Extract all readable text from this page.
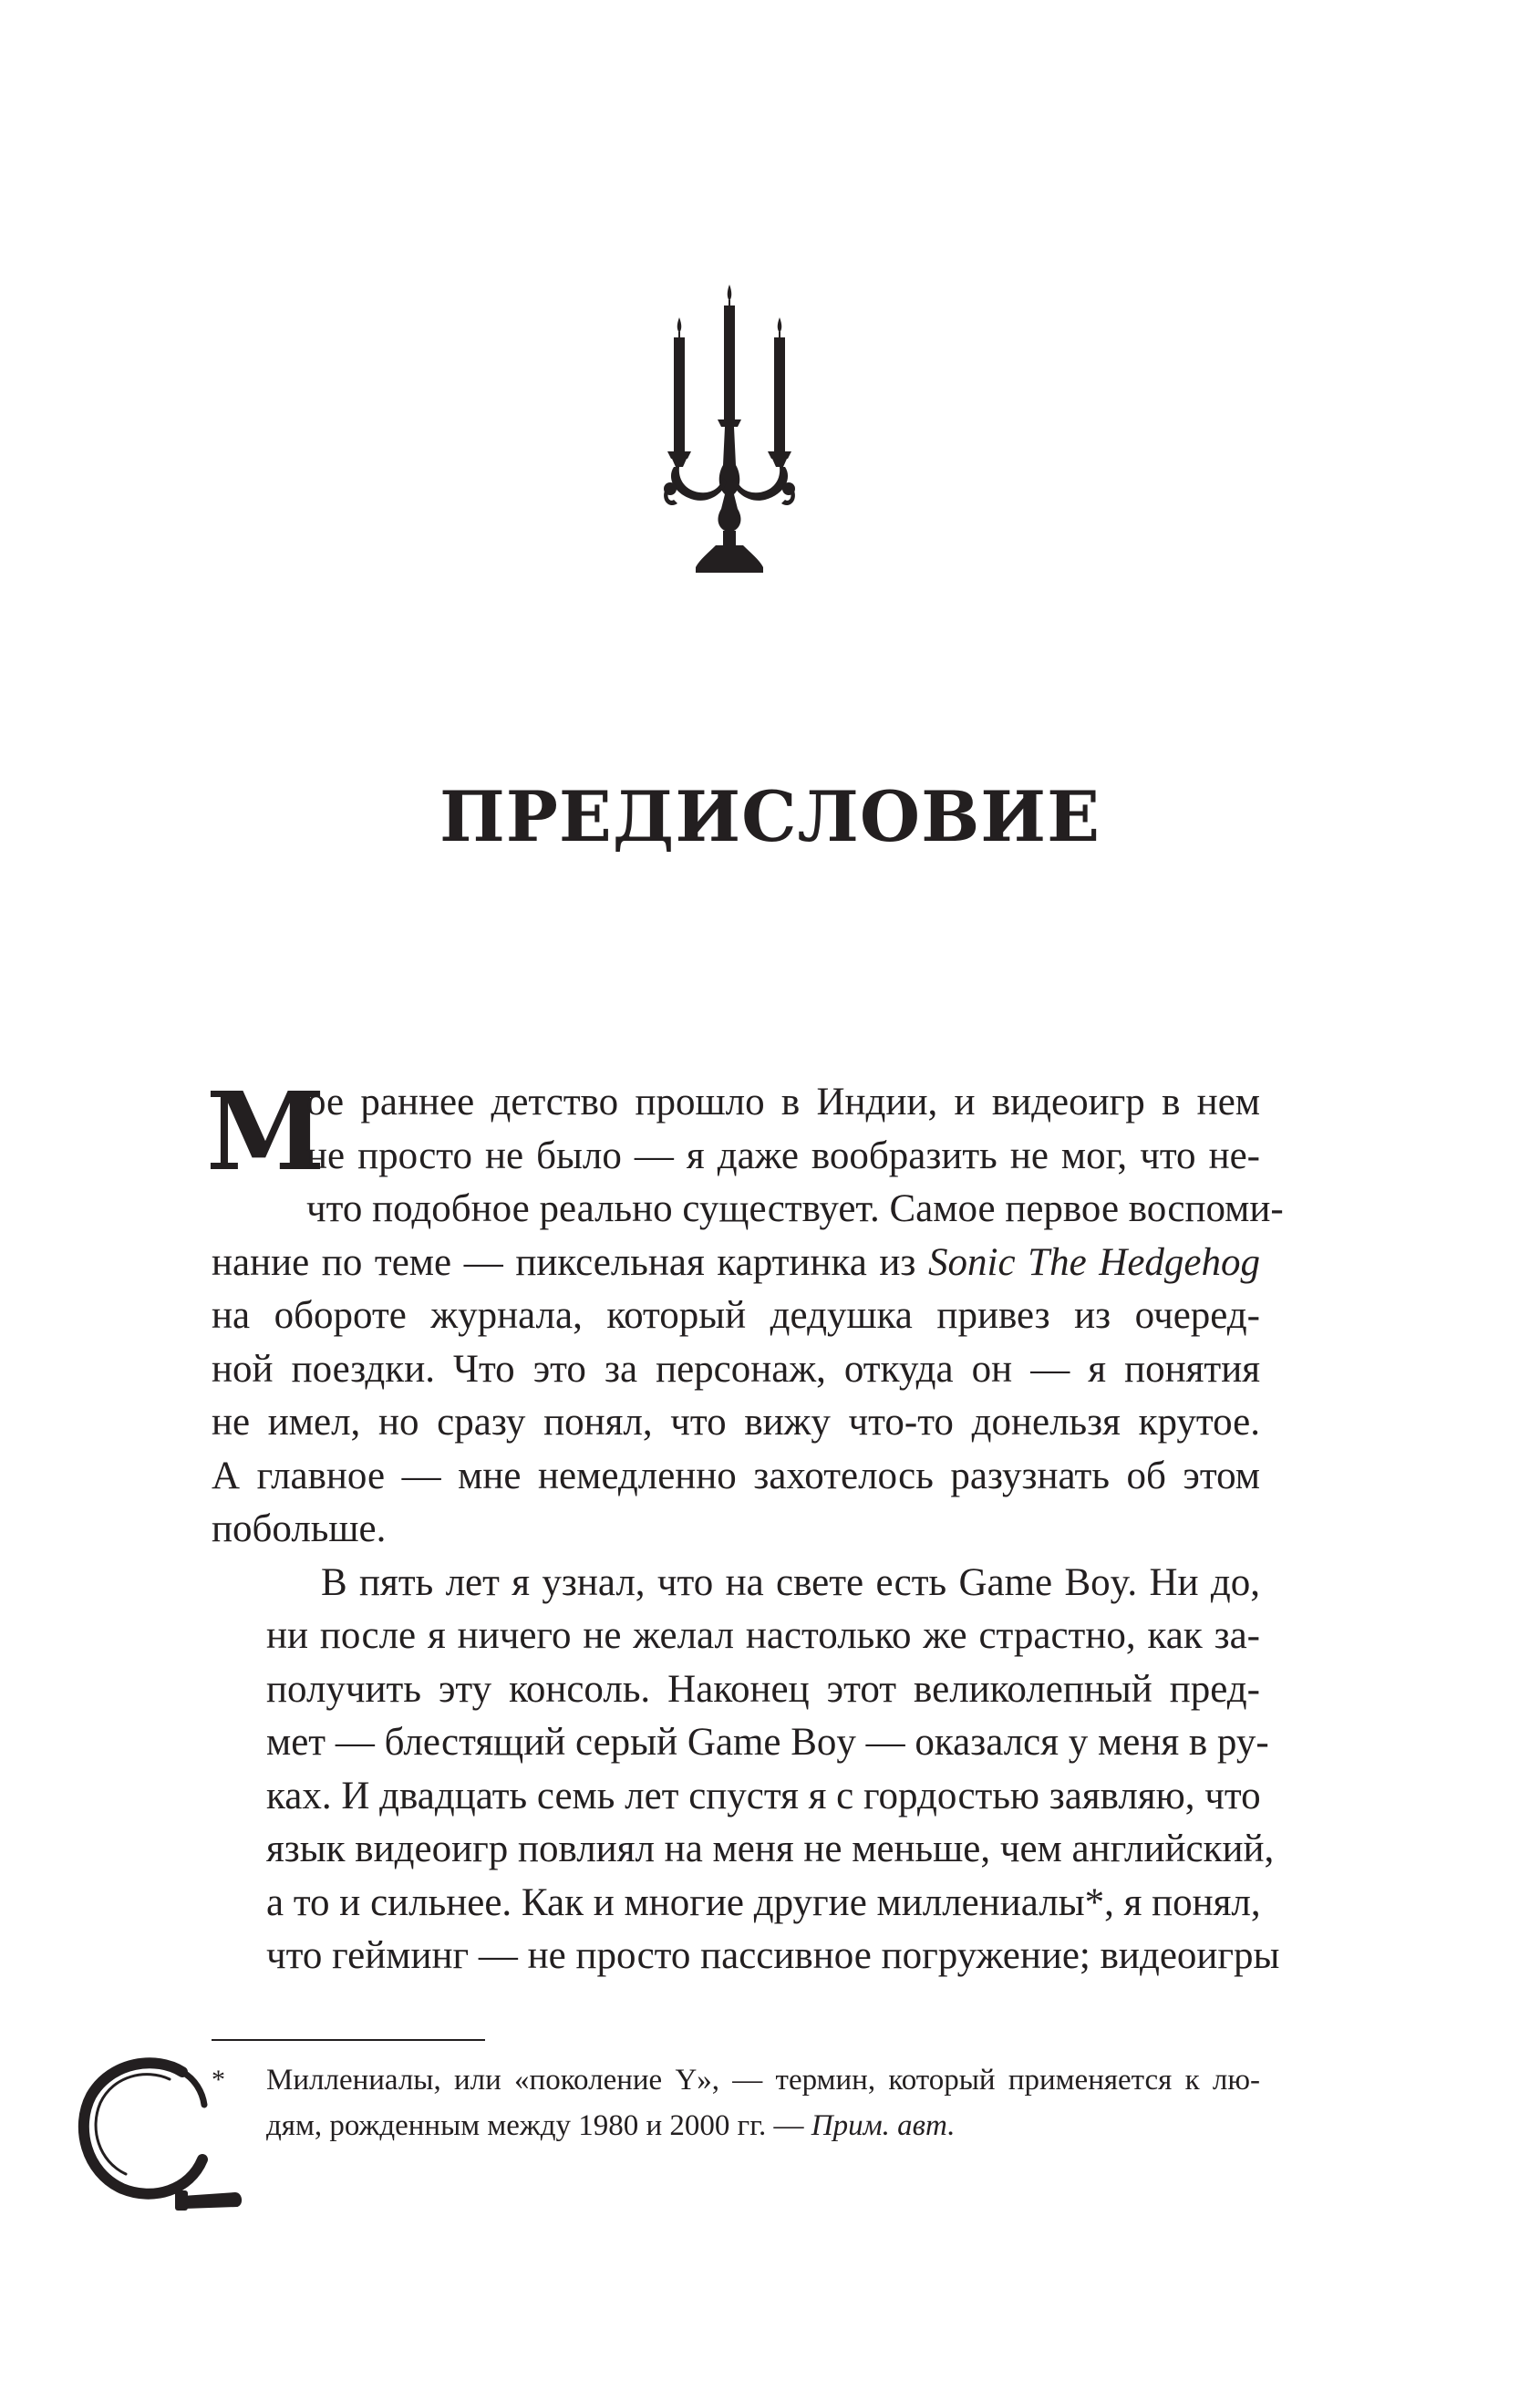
ПРЕДИСЛОВИЕ

М
ое раннее детство прошло в Индии, и видеоигр в нем
не просто не было — я даже вообразить не мог, что не-
что подобное реально существует. Самое первое воспоми-
нание по теме — пиксельная картинка из Sonic The Hedgehog
на обороте журнала, который дедушка привез из очеред-
ной поездки. Что это за персонаж, откуда он — я понятия
не имел, но сразу понял, что вижу что-то донельзя крутое.
А главное — мне немедленно захотелось разузнать об этом
побольше.

В пять лет я узнал, что на свете есть Game Boy. Ни до,
ни после я ничего не желал настолько же страстно, как за-
получить эту консоль. Наконец этот великолепный пред-
мет — блестящий серый Game Boy — оказался у меня в ру-
ках. И двадцать семь лет спустя я с гордостью заявляю, что
язык видеоигр повлиял на меня не меньше, чем английский,
а то и сильнее. Как и многие другие миллениалы*, я понял,
что гейминг — не просто пассивное погружение; видеоигры

* Миллениалы, или «поколение Y», — термин, который применяется к лю-
дям, рожденным между 1980 и 2000 гг. — Прим. авт.
